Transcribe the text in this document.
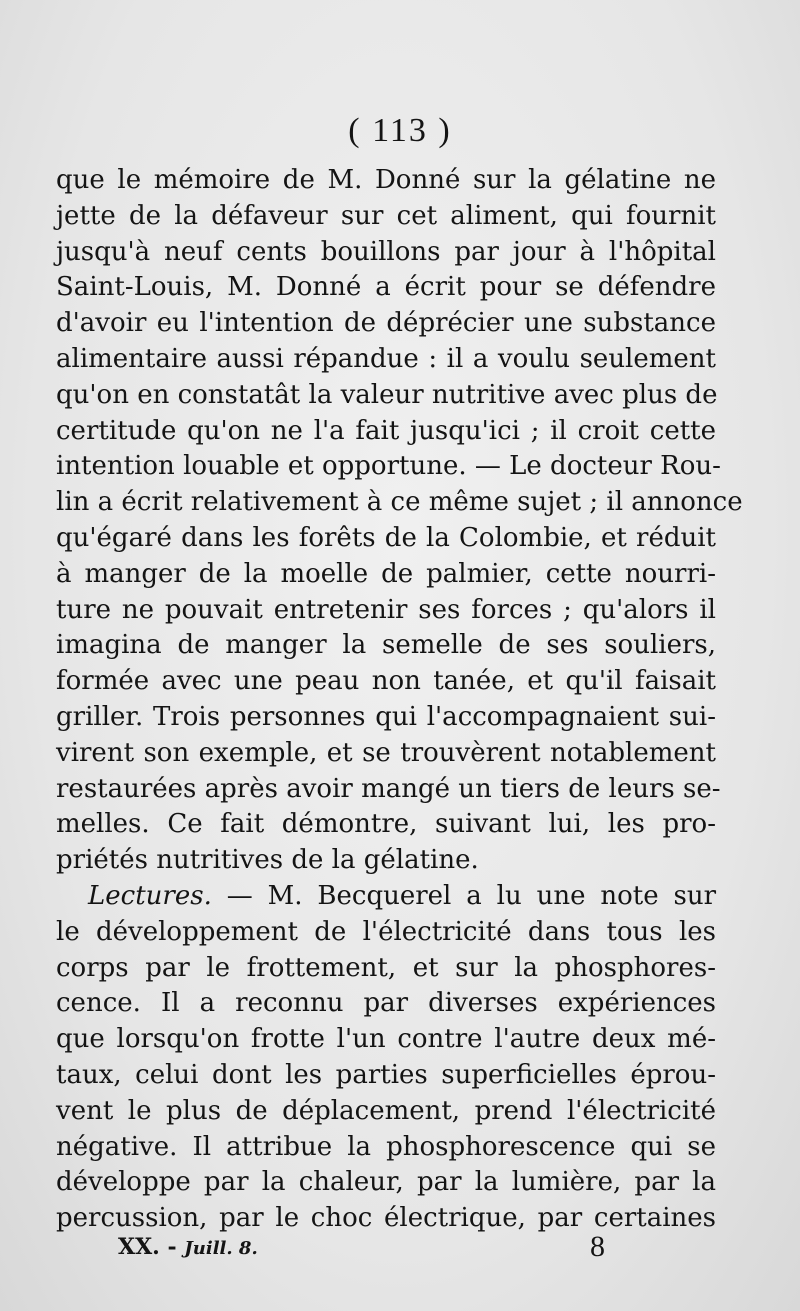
( 113 )
que le mémoire de M. Donné sur la gélatine ne
jette de la défaveur sur cet aliment, qui fournit
jusqu'à neuf cents bouillons par jour à l'hôpital
Saint-Louis, M. Donné a écrit pour se défendre
d'avoir eu l'intention de déprécier une substance
alimentaire aussi répandue : il a voulu seulement
qu'on en constatât la valeur nutritive avec plus de
certitude qu'on ne l'a fait jusqu'ici ; il croit cette
intention louable et opportune. — Le docteur Rou-
lin a écrit relativement à ce même sujet ; il annonce
qu'égaré dans les forêts de la Colombie, et réduit
à manger de la moelle de palmier, cette nourri-
ture ne pouvait entretenir ses forces ; qu'alors il
imagina de manger la semelle de ses souliers,
formée avec une peau non tanée, et qu'il faisait
griller. Trois personnes qui l'accompagnaient sui-
virent son exemple, et se trouvèrent notablement
restaurées après avoir mangé un tiers de leurs se-
melles. Ce fait démontre, suivant lui, les pro-
priétés nutritives de la gélatine.
Lectures. — M. Becquerel a lu une note sur
le développement de l'électricité dans tous les
corps par le frottement, et sur la phosphores-
cence. Il a reconnu par diverses expériences
que lorsqu'on frotte l'un contre l'autre deux mé-
taux, celui dont les parties superficielles éprou-
vent le plus de déplacement, prend l'électricité
négative. Il attribue la phosphorescence qui se
développe par la chaleur, par la lumière, par la
percussion, par le choc électrique, par certaines
XX. - Juill. 8.	8
